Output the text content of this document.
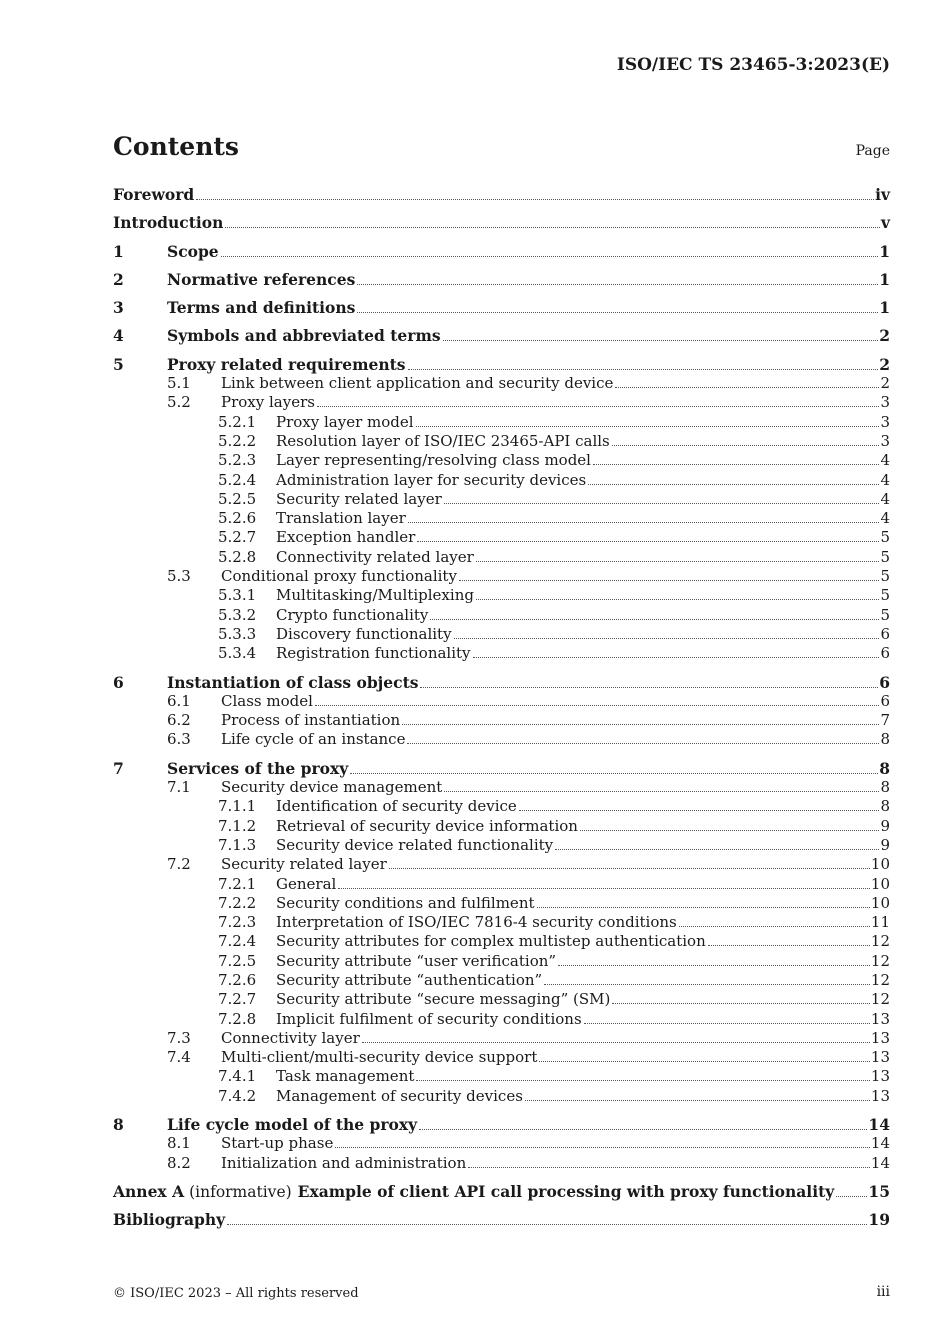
ISO/IEC TS 23465-3:2023(E)
Contents	Page
Foreword	iv
Introduction	v
1	Scope	1
2	Normative references	1
3	Terms and definitions	1
4	Symbols and abbreviated terms	2
5	Proxy related requirements	2
5.1	Link between client application and security device	2
5.2	Proxy layers	3
5.2.1	Proxy layer model	3
5.2.2	Resolution layer of ISO/IEC 23465-API calls	3
5.2.3	Layer representing/resolving class model	4
5.2.4	Administration layer for security devices	4
5.2.5	Security related layer	4
5.2.6	Translation layer	4
5.2.7	Exception handler	5
5.2.8	Connectivity related layer	5
5.3	Conditional proxy functionality	5
5.3.1	Multitasking/Multiplexing	5
5.3.2	Crypto functionality	5
5.3.3	Discovery functionality	6
5.3.4	Registration functionality	6
6	Instantiation of class objects	6
6.1	Class model	6
6.2	Process of instantiation	7
6.3	Life cycle of an instance	8
7	Services of the proxy	8
7.1	Security device management	8
7.1.1	Identification of security device	8
7.1.2	Retrieval of security device information	9
7.1.3	Security device related functionality	9
7.2	Security related layer	10
7.2.1	General	10
7.2.2	Security conditions and fulfilment	10
7.2.3	Interpretation of ISO/IEC 7816-4 security conditions	11
7.2.4	Security attributes for complex multistep authentication	12
7.2.5	Security attribute “user verification”	12
7.2.6	Security attribute “authentication”	12
7.2.7	Security attribute “secure messaging” (SM)	12
7.2.8	Implicit fulfilment of security conditions	13
7.3	Connectivity layer	13
7.4	Multi-client/multi-security device support	13
7.4.1	Task management	13
7.4.2	Management of security devices	13
8	Life cycle model of the proxy	14
8.1	Start-up phase	14
8.2	Initialization and administration	14
Annex A (informative) Example of client API call processing with proxy functionality 15
Bibliography	19
© ISO/IEC 2023 – All rights reserved	iii
